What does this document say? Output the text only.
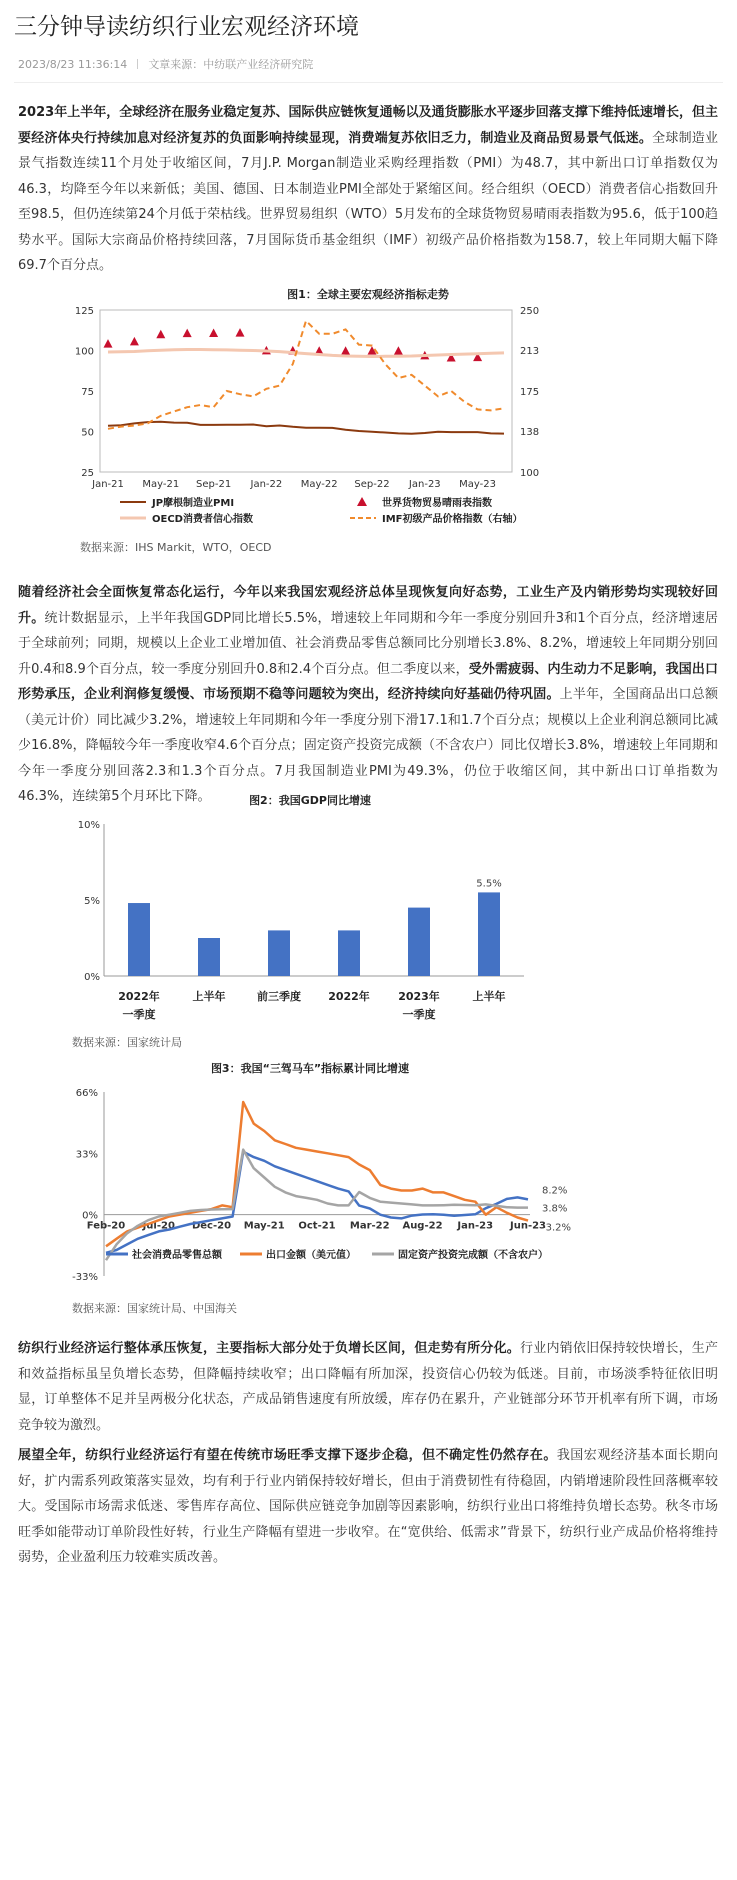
三分钟导读纺织行业宏观经济环境
2023/8/23 11:36:14 文章来源：中纺联产业经济研究院

2023年上半年，全球经济在服务业稳定复苏、国际供应链恢复通畅以及通货膨胀水平逐步回落支撑下维持低速增长，但主要经济体央行持续加息对经济复苏的负面影响持续显现，消费端复苏依旧乏力，制造业及商品贸易景气低迷。全球制造业景气指数连续11个月处于收缩区间，7月J.P. Morgan制造业采购经理指数（PMI）为48.7，其中新出口订单指数仅为46.3，均降至今年以来新低；美国、德国、日本制造业PMI全部处于紧缩区间。经合组织（OECD）消费者信心指数回升至98.5，但仍连续第24个月低于荣枯线。世界贸易组织（WTO）5月发布的全球货物贸易晴雨表指数为95.6，低于100趋势水平。国际大宗商品价格持续回落，7月国际货币基金组织（IMF）初级产品价格指数为158.7，较上年同期大幅下降69.7个百分点。

图1：全球主要宏观经济指标走势
25
50
75
100
125
100
138
175
213
250
Jan-21 May-21 Sep-21 Jan-22 May-22 Sep-22 Jan-23 May-23
JP摩根制造业PMI	世界货物贸易晴雨表指数
OECD消费者信心指数	IMF初级产品价格指数（右轴）
数据来源：IHS Markit，WTO，OECD

随着经济社会全面恢复常态化运行，今年以来我国宏观经济总体呈现恢复向好态势，工业生产及内销形势均实现较好回升。统计数据显示，上半年我国GDP同比增长5.5%，增速较上年同期和今年一季度分别回升3和1个百分点，经济增速居于全球前列；同期，规模以上企业工业增加值、社会消费品零售总额同比分别增长3.8%、8.2%，增速较上年同期分别回升0.4和8.9个百分点，较一季度分别回升0.8和2.4个百分点。但二季度以来，受外需疲弱、内生动力不足影响，我国出口形势承压，企业利润修复缓慢、市场预期不稳等问题较为突出，经济持续向好基础仍待巩固。上半年，全国商品出口总额（美元计价）同比减少3.2%，增速较上年同期和今年一季度分别下滑17.1和1.7个百分点；规模以上企业利润总额同比减少16.8%，降幅较今年一季度收窄4.6个百分点；固定资产投资完成额（不含农户）同比仅增长3.8%，增速较上年同期和今年一季度分别回落2.3和1.3个百分点。7月我国制造业PMI为49.3%，仍位于收缩区间，其中新出口订单指数为46.3%，连续第5个月环比下降。	图2：我国GDP同比增速
0%
5%
10%
2022年
一季度
上半年	前三季度 2022年	2023年
一季度
上半年
5.5%
数据来源：国家统计局
图3：我国“三驾马车”指标累计同比增速
-33%
0%
33%
66%
Feb-20 Jul-20 Dec-20 May-21 Oct-21 Mar-22 Aug-22 Jan-23 Jun-23
8.2%
3.8%
-3.2%
社会消费品零售总额	出口金额（美元值）	固定资产投资完成额（不含农户）
数据来源：国家统计局、中国海关

纺织行业经济运行整体承压恢复，主要指标大部分处于负增长区间，但走势有所分化。行业内销依旧保持较快增长，生产和效益指标虽呈负增长态势，但降幅持续收窄；出口降幅有所加深，投资信心仍较为低迷。目前，市场淡季特征依旧明显，订单整体不足并呈两极分化状态，产成品销售速度有所放缓，库存仍在累升，产业链部分环节开机率有所下调，市场竞争较为激烈。

展望全年，纺织行业经济运行有望在传统市场旺季支撑下逐步企稳，但不确定性仍然存在。我国宏观经济基本面长期向好，扩内需系列政策落实显效，均有利于行业内销保持较好增长，但由于消费韧性有待稳固，内销增速阶段性回落概率较大。受国际市场需求低迷、零售库存高位、国际供应链竞争加剧等因素影响，纺织行业出口将维持负增长态势。秋冬市场旺季如能带动订单阶段性好转，行业生产降幅有望进一步收窄。在“宽供给、低需求”背景下，纺织行业产成品价格将维持弱势，企业盈利压力较难实质改善。
